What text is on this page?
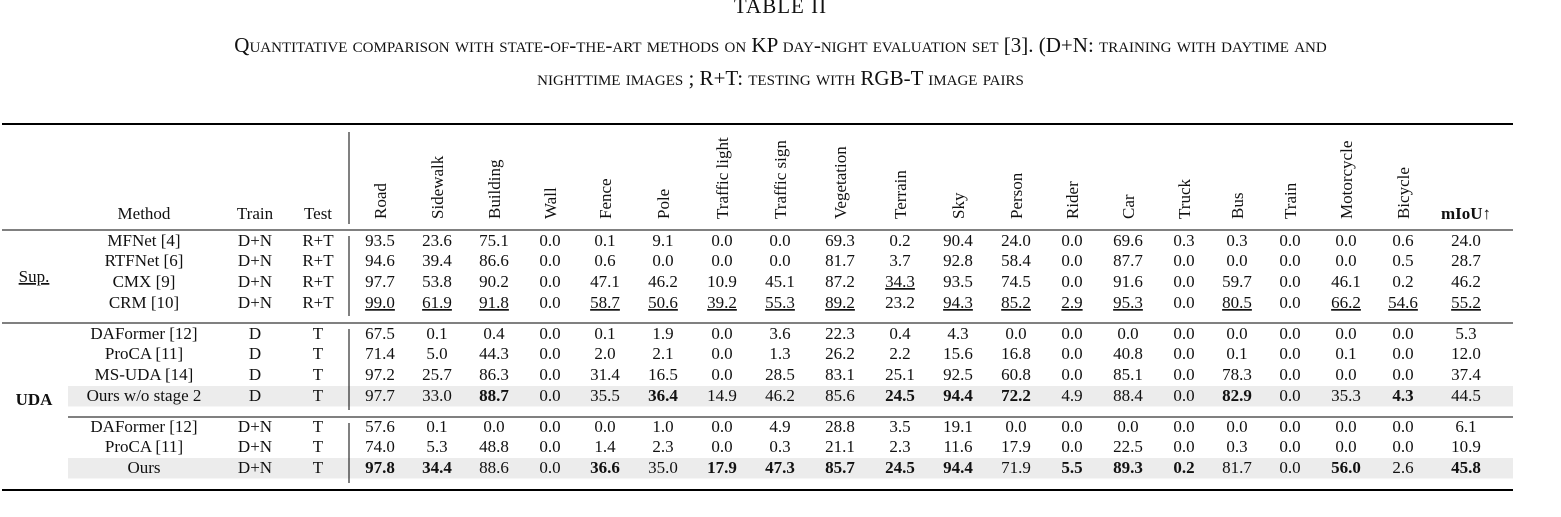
TABLE II
Quantitative comparison with state-of-the-art methods on KP day-night evaluation set [3]. (D+N: training with daytime and
nighttime images ; R+T: testing with RGB-T image pairs
Method	Train Test Road Sidewalk Building Wall Fence Pole Traffic light Traffic sign Vegetation Terrain Sky Person Rider Car Truck Bus Train Motorcycle Bicycle mIoU↑
Sup.
MFNet [4]	D+N R+T 93.5 23.6 75.1 0.0 0.1 9.1 0.0 0.0 69.3 0.2 90.4 24.0 0.0 69.6 0.3 0.3 0.0 0.0 0.6 24.0
RTFNet [6]	D+N R+T 94.6 39.4 86.6 0.0 0.6 0.0 0.0 0.0 81.7 3.7 92.8 58.4 0.0 87.7 0.0 0.0 0.0 0.0 0.5 28.7
CMX [9]	D+N R+T 97.7 53.8 90.2 0.0 47.1 46.2 10.9 45.1 87.2 34.3 93.5 74.5 0.0 91.6 0.0 59.7 0.0 46.1 0.2 46.2
CRM [10]	D+N R+T 99.0 61.9 91.8 0.0 58.7 50.6 39.2 55.3 89.2 23.2 94.3 85.2 2.9 95.3 0.0 80.5 0.0 66.2 54.6 55.2
UDA
DAFormer [12]	D	T 67.5 0.1 0.4 0.0 0.1 1.9 0.0 3.6 22.3 0.4 4.3 0.0 0.0 0.0 0.0 0.0 0.0 0.0 0.0 5.3
ProCA [11]	D	T 71.4 5.0 44.3 0.0 2.0 2.1 0.0 1.3 26.2 2.2 15.6 16.8 0.0 40.8 0.0 0.1 0.0 0.1 0.0 12.0
MS-UDA [14]	D	T 97.2 25.7 86.3 0.0 31.4 16.5 0.0 28.5 83.1 25.1 92.5 60.8 0.0 85.1 0.0 78.3 0.0 0.0 0.0 37.4
Ours w/o stage 2	D	T 97.7 33.0 88.7 0.0 35.5 36.4 14.9 46.2 85.6 24.5 94.4 72.2 4.9 88.4 0.0 82.9 0.0 35.3 4.3 44.5
DAFormer [12] D+N T 57.6 0.1 0.0 0.0 0.0 1.0 0.0 4.9 28.8 3.5 19.1 0.0 0.0 0.0 0.0 0.0 0.0 0.0 0.0 6.1
ProCA [11]	D+N T 74.0 5.3 48.8 0.0 1.4 2.3 0.0 0.3 21.1 2.3 11.6 17.9 0.0 22.5 0.0 0.3 0.0 0.0 0.0 10.9
Ours	D+N T 97.8 34.4 88.6 0.0 36.6 35.0 17.9 47.3 85.7 24.5 94.4 71.9 5.5 89.3 0.2 81.7 0.0 56.0 2.6 45.8
